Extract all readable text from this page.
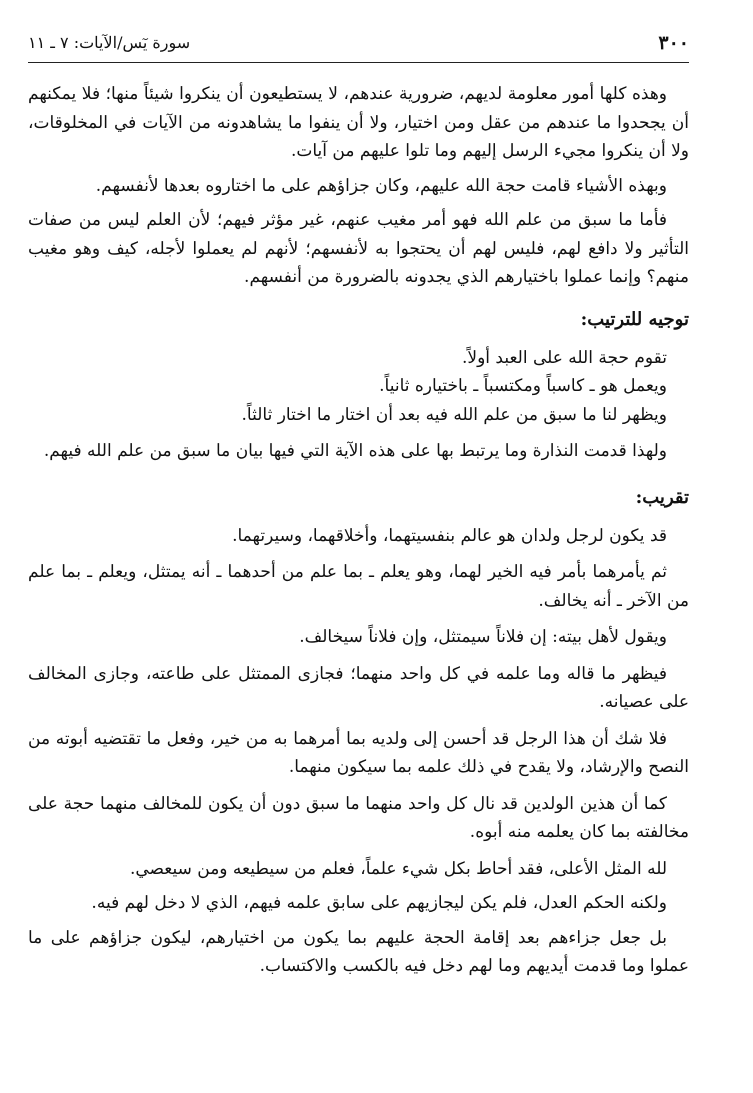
٣٠٠
سورة يٓس/الآيات: ٧ ـ ١١

وهذه كلها أمور معلومة لديهم، ضرورية عندهم، لا يستطيعون أن ينكروا شيئاً منها؛ فلا يمكنهم أن يجحدوا ما عندهم من عقل ومن اختيار، ولا أن ينفوا ما يشاهدونه من الآيات في المخلوقات، ولا أن ينكروا مجيء الرسل إليهم وما تلوا عليهم من آيات.

وبهذه الأشياء قامت حجة الله عليهم، وكان جزاؤهم على ما اختاروه بعدها لأنفسهم.

فأما ما سبق من علم الله فهو أمر مغيب عنهم، غير مؤثر فيهم؛ لأن العلم ليس من صفات التأثير ولا دافع لهم، فليس لهم أن يحتجوا به لأنفسهم؛ لأنهم لم يعملوا لأجله، كيف وهو مغيب منهم؟ وإنما عملوا باختيارهم الذي يجدونه بالضرورة من أنفسهم.

توجيه للترتيب:

تقوم حجة الله على العبد أولاً.

ويعمل هو ـ كاسباً ومكتسباً ـ باختياره ثانياً.

ويظهر لنا ما سبق من علم الله فيه بعد أن اختار ما اختار ثالثاً.

ولهذا قدمت النذارة وما يرتبط بها على هذه الآية التي فيها بيان ما سبق من علم الله فيهم.

تقريب:

قد يكون لرجل ولدان هو عالم بنفسيتهما، وأخلاقهما، وسيرتهما.

ثم يأمرهما بأمر فيه الخير لهما، وهو يعلم ـ بما علم من أحدهما ـ أنه يمتثل، ويعلم ـ بما علم من الآخر ـ أنه يخالف.

ويقول لأهل بيته: إن فلاناً سيمتثل، وإن فلاناً سيخالف.

فيظهر ما قاله وما علمه في كل واحد منهما؛ فجازى الممتثل على طاعته، وجازى المخالف على عصيانه.

فلا شك أن هذا الرجل قد أحسن إلى ولديه بما أمرهما به من خير، وفعل ما تقتضيه أبوته من النصح والإرشاد، ولا يقدح في ذلك علمه بما سيكون منهما.

كما أن هذين الولدين قد نال كل واحد منهما ما سبق دون أن يكون للمخالف منهما حجة على مخالفته بما كان يعلمه منه أبوه.

لله المثل الأعلى، فقد أحاط بكل شيء علماً، فعلم من سيطيعه ومن سيعصي.

ولكنه الحكم العدل، فلم يكن ليجازيهم على سابق علمه فيهم، الذي لا دخل لهم فيه.

بل جعل جزاءهم بعد إقامة الحجة عليهم بما يكون من اختيارهم، ليكون جزاؤهم على ما عملوا وما قدمت أيديهم وما لهم دخل فيه بالكسب والاكتساب.
